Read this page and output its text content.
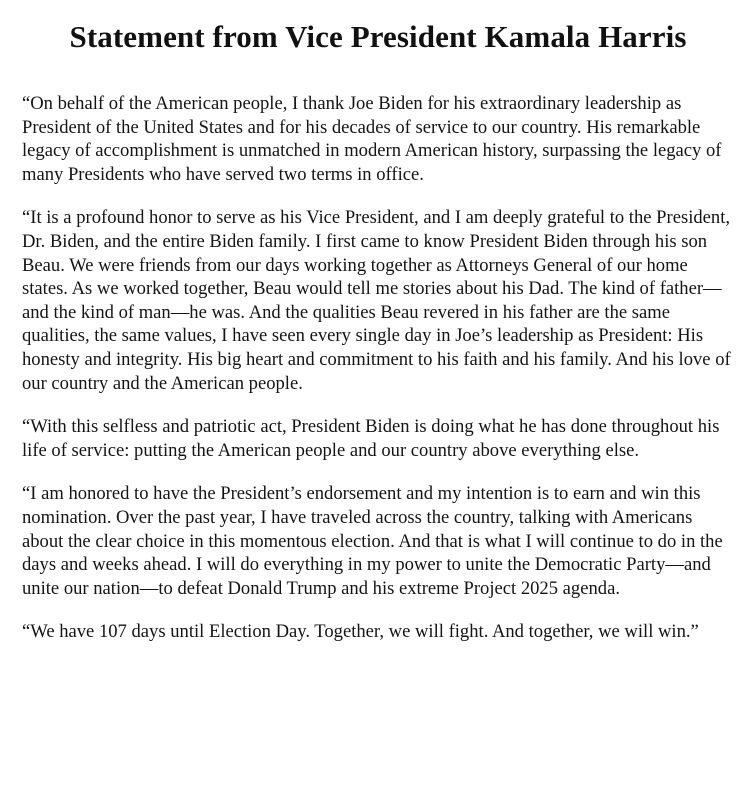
Statement from Vice President Kamala Harris

“On behalf of the American people, I thank Joe Biden for his extraordinary leadership as President of the United States and for his decades of service to our country. His remarkable legacy of accomplishment is unmatched in modern American history, surpassing the legacy of many Presidents who have served two terms in office.

“It is a profound honor to serve as his Vice President, and I am deeply grateful to the President, Dr. Biden, and the entire Biden family. I first came to know President Biden through his son Beau. We were friends from our days working together as Attorneys General of our home states. As we worked together, Beau would tell me stories about his Dad. The kind of father—and the kind of man—he was. And the qualities Beau revered in his father are the same qualities, the same values, I have seen every single day in Joe’s leadership as President: His honesty and integrity. His big heart and commitment to his faith and his family. And his love of our country and the American people.

“With this selfless and patriotic act, President Biden is doing what he has done throughout his life of service: putting the American people and our country above everything else.

“I am honored to have the President’s endorsement and my intention is to earn and win this nomination. Over the past year, I have traveled across the country, talking with Americans about the clear choice in this momentous election. And that is what I will continue to do in the days and weeks ahead. I will do everything in my power to unite the Democratic Party—and unite our nation—to defeat Donald Trump and his extreme Project 2025 agenda.

“We have 107 days until Election Day. Together, we will fight. And together, we will win.”
